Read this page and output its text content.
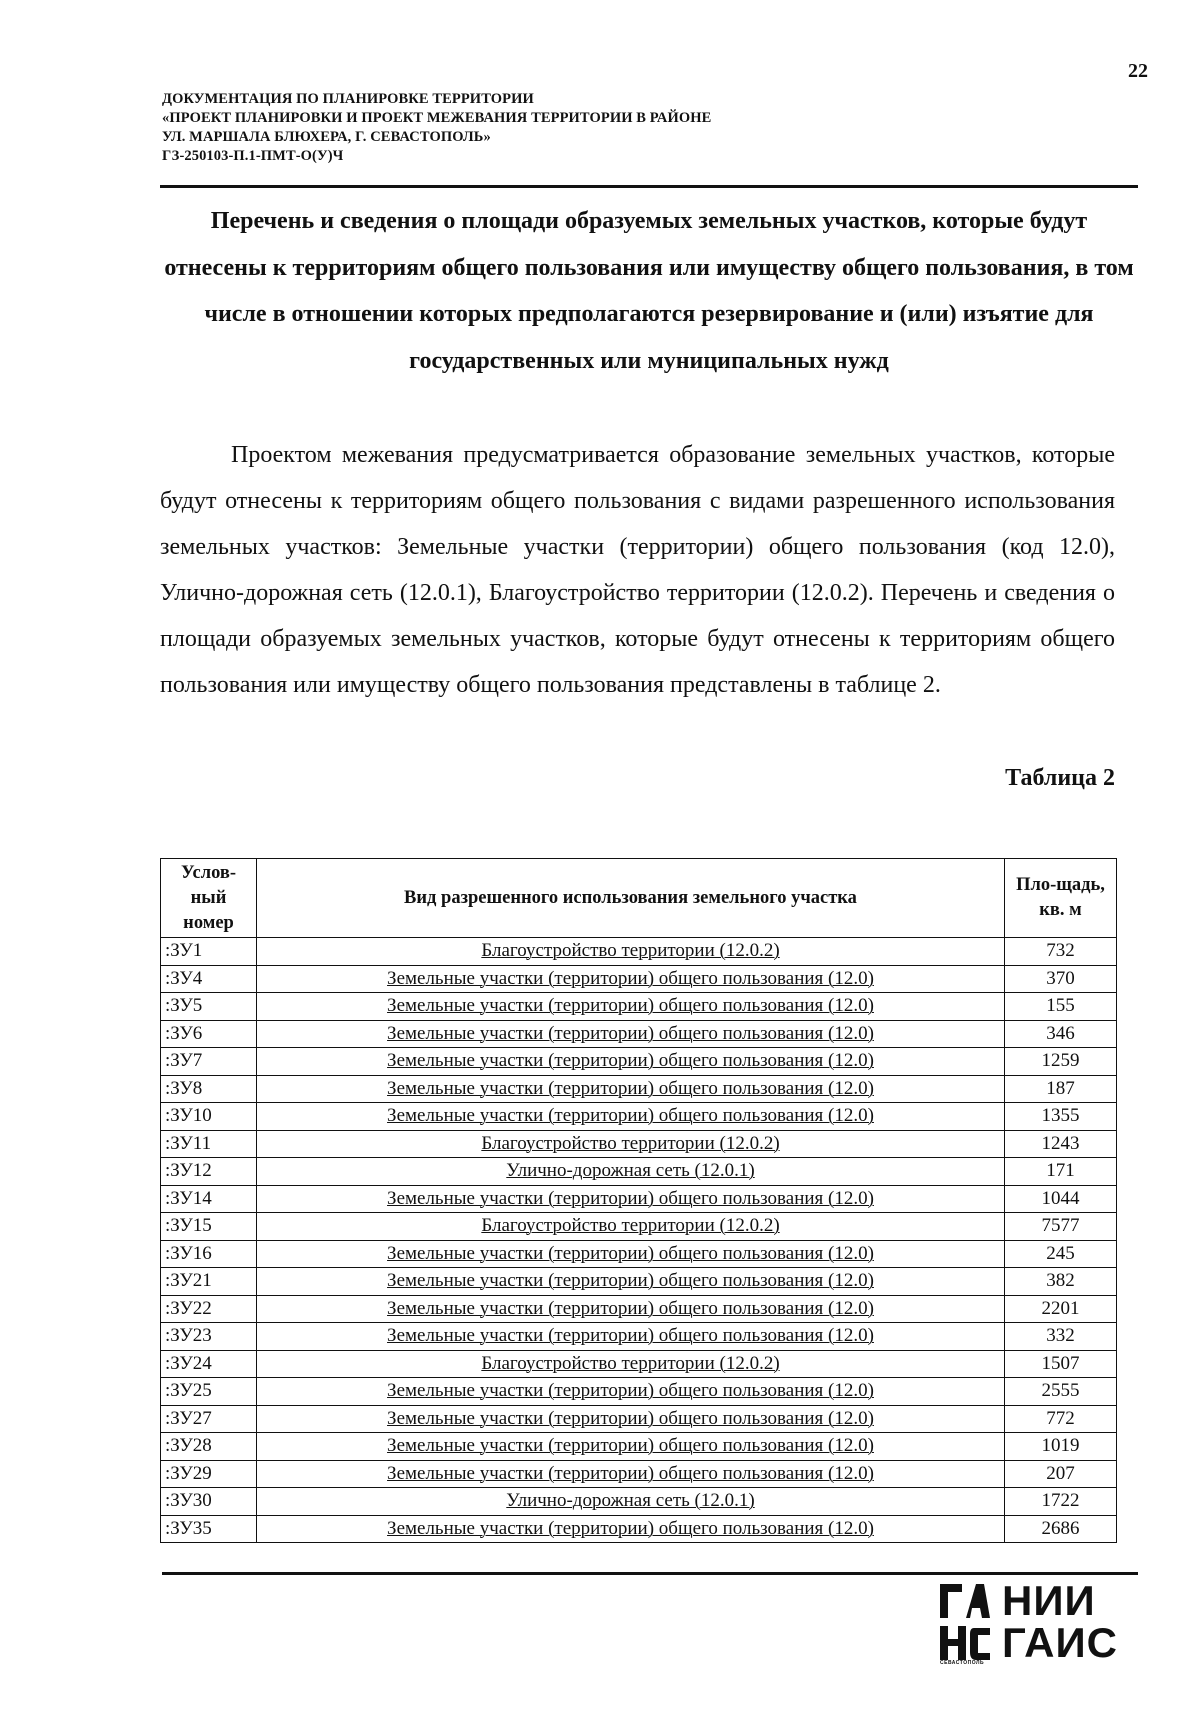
22
ДОКУМЕНТАЦИЯ ПО ПЛАНИРОВКЕ ТЕРРИТОРИИ
«ПРОЕКТ ПЛАНИРОВКИ И ПРОЕКТ МЕЖЕВАНИЯ ТЕРРИТОРИИ В РАЙОНЕ
УЛ. МАРШАЛА БЛЮХЕРА, Г. СЕВАСТОПОЛЬ»
ГЗ-250103-П.1-ПМТ-О(У)Ч
Перечень и сведения о площади образуемых земельных участков, которые будут отнесены к территориям общего пользования или имуществу общего пользования, в том числе в отношении которых предполагаются резервирование и (или) изъятие для государственных или муниципальных нужд
Проектом межевания предусматривается образование земельных участков, которые будут отнесены к территориям общего пользования с видами разрешенного использования земельных участков: Земельные участки (территории) общего пользования (код 12.0), Улично-дорожная сеть (12.0.1), Благоустройство территории (12.0.2). Перечень и сведения о площади образуемых земельных участков, которые будут отнесены к территориям общего пользования или имуществу общего пользования представлены в таблице 2.
Таблица 2
Услов-ный номер	Вид разрешенного использования земельного участка	Пло-щадь, кв. м
:ЗУ1	Благоустройство территории (12.0.2)	732
:ЗУ4	Земельные участки (территории) общего пользования (12.0)	370
:ЗУ5	Земельные участки (территории) общего пользования (12.0)	155
:ЗУ6	Земельные участки (территории) общего пользования (12.0)	346
:ЗУ7	Земельные участки (территории) общего пользования (12.0)	1259
:ЗУ8	Земельные участки (территории) общего пользования (12.0)	187
:ЗУ10	Земельные участки (территории) общего пользования (12.0)	1355
:ЗУ11	Благоустройство территории (12.0.2)	1243
:ЗУ12	Улично-дорожная сеть (12.0.1)	171
:ЗУ14	Земельные участки (территории) общего пользования (12.0)	1044
:ЗУ15	Благоустройство территории (12.0.2)	7577
:ЗУ16	Земельные участки (территории) общего пользования (12.0)	245
:ЗУ21	Земельные участки (территории) общего пользования (12.0)	382
:ЗУ22	Земельные участки (территории) общего пользования (12.0)	2201
:ЗУ23	Земельные участки (территории) общего пользования (12.0)	332
:ЗУ24	Благоустройство территории (12.0.2)	1507
:ЗУ25	Земельные участки (территории) общего пользования (12.0)	2555
:ЗУ27	Земельные участки (территории) общего пользования (12.0)	772
:ЗУ28	Земельные участки (территории) общего пользования (12.0)	1019
:ЗУ29	Земельные участки (территории) общего пользования (12.0)	207
:ЗУ30	Улично-дорожная сеть (12.0.1)	1722
:ЗУ35	Земельные участки (территории) общего пользования (12.0)	2686
НИИ
ГАИС
СЕВАСТОПОЛЬ
